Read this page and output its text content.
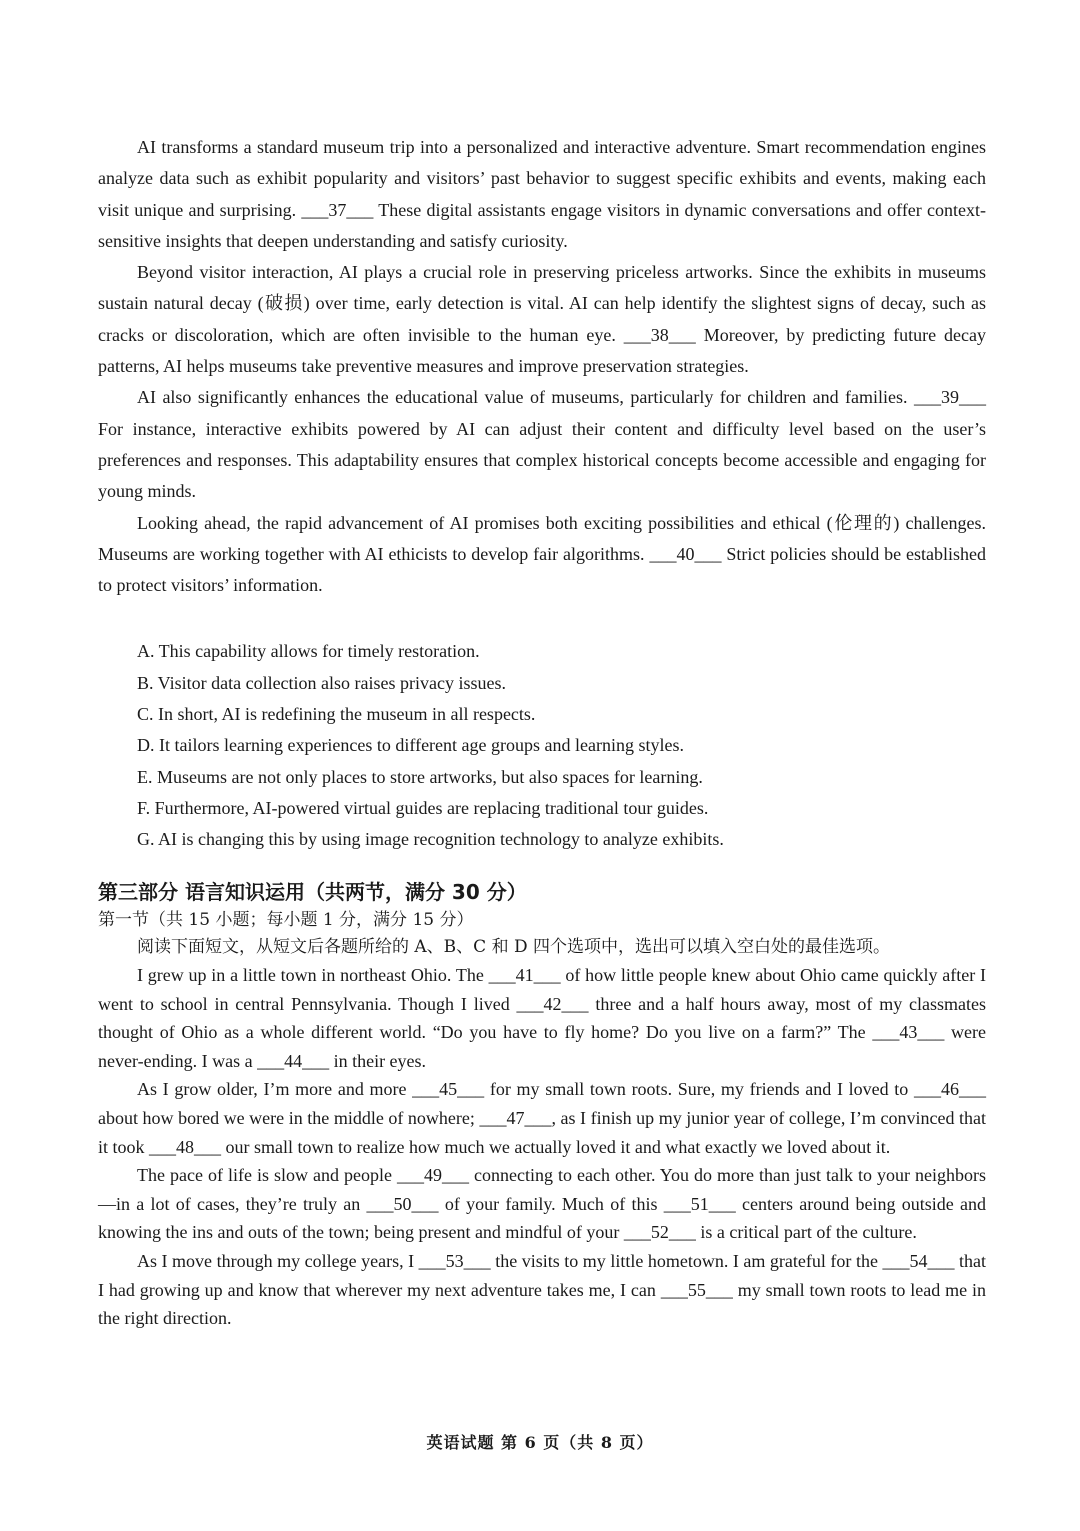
AI transforms a standard museum trip into a personalized and interactive adventure. Smart recommendation engines analyze data such as exhibit popularity and visitors’ past behavior to suggest specific exhibits and events, making each visit unique and surprising. ___37___ These digital assistants engage visitors in dynamic conversations and offer context-sensitive insights that deepen understanding and satisfy curiosity.

Beyond visitor interaction, AI plays a crucial role in preserving priceless artworks. Since the exhibits in museums sustain natural decay (破损) over time, early detection is vital. AI can help identify the slightest signs of decay, such as cracks or discoloration, which are often invisible to the human eye. ___38___ Moreover, by predicting future decay patterns, AI helps museums take preventive measures and improve preservation strategies.

AI also significantly enhances the educational value of museums, particularly for children and families. ___39___ For instance, interactive exhibits powered by AI can adjust their content and difficulty level based on the user’s preferences and responses. This adaptability ensures that complex historical concepts become accessible and engaging for young minds.

Looking ahead, the rapid advancement of AI promises both exciting possibilities and ethical (伦理的) challenges. Museums are working together with AI ethicists to develop fair algorithms. ___40___ Strict policies should be established to protect visitors’ information.

A. This capability allows for timely restoration.

B. Visitor data collection also raises privacy issues.

C. In short, AI is redefining the museum in all respects.

D. It tailors learning experiences to different age groups and learning styles.

E. Museums are not only places to store artworks, but also spaces for learning.

F. Furthermore, AI-powered virtual guides are replacing traditional tour guides.

G. AI is changing this by using image recognition technology to analyze exhibits.

第三部分 语言知识运用（共两节，满分 30 分）

第一节（共 15 小题；每小题 1 分，满分 15 分）

阅读下面短文，从短文后各题所给的 A、B、C 和 D 四个选项中，选出可以填入空白处的最佳选项。

I grew up in a little town in northeast Ohio. The ___41___ of how little people knew about Ohio came quickly after I went to school in central Pennsylvania. Though I lived ___42___ three and a half hours away, most of my classmates thought of Ohio as a whole different world. “Do you have to fly home? Do you live on a farm?” The ___43___ were never-ending. I was a ___44___ in their eyes.

As I grow older, I’m more and more ___45___ for my small town roots. Sure, my friends and I loved to ___46___ about how bored we were in the middle of nowhere; ___47___, as I finish up my junior year of college, I’m convinced that it took ___48___ our small town to realize how much we actually loved it and what exactly we loved about it.

The pace of life is slow and people ___49___ connecting to each other. You do more than just talk to your neighbors—in a lot of cases, they’re truly an ___50___ of your family. Much of this ___51___ centers around being outside and knowing the ins and outs of the town; being present and mindful of your ___52___ is a critical part of the culture.

As I move through my college years, I ___53___ the visits to my little hometown. I am grateful for the ___54___ that I had growing up and know that wherever my next adventure takes me, I can ___55___ my small town roots to lead me in the right direction.

英语试题 第 6 页（共 8 页）
